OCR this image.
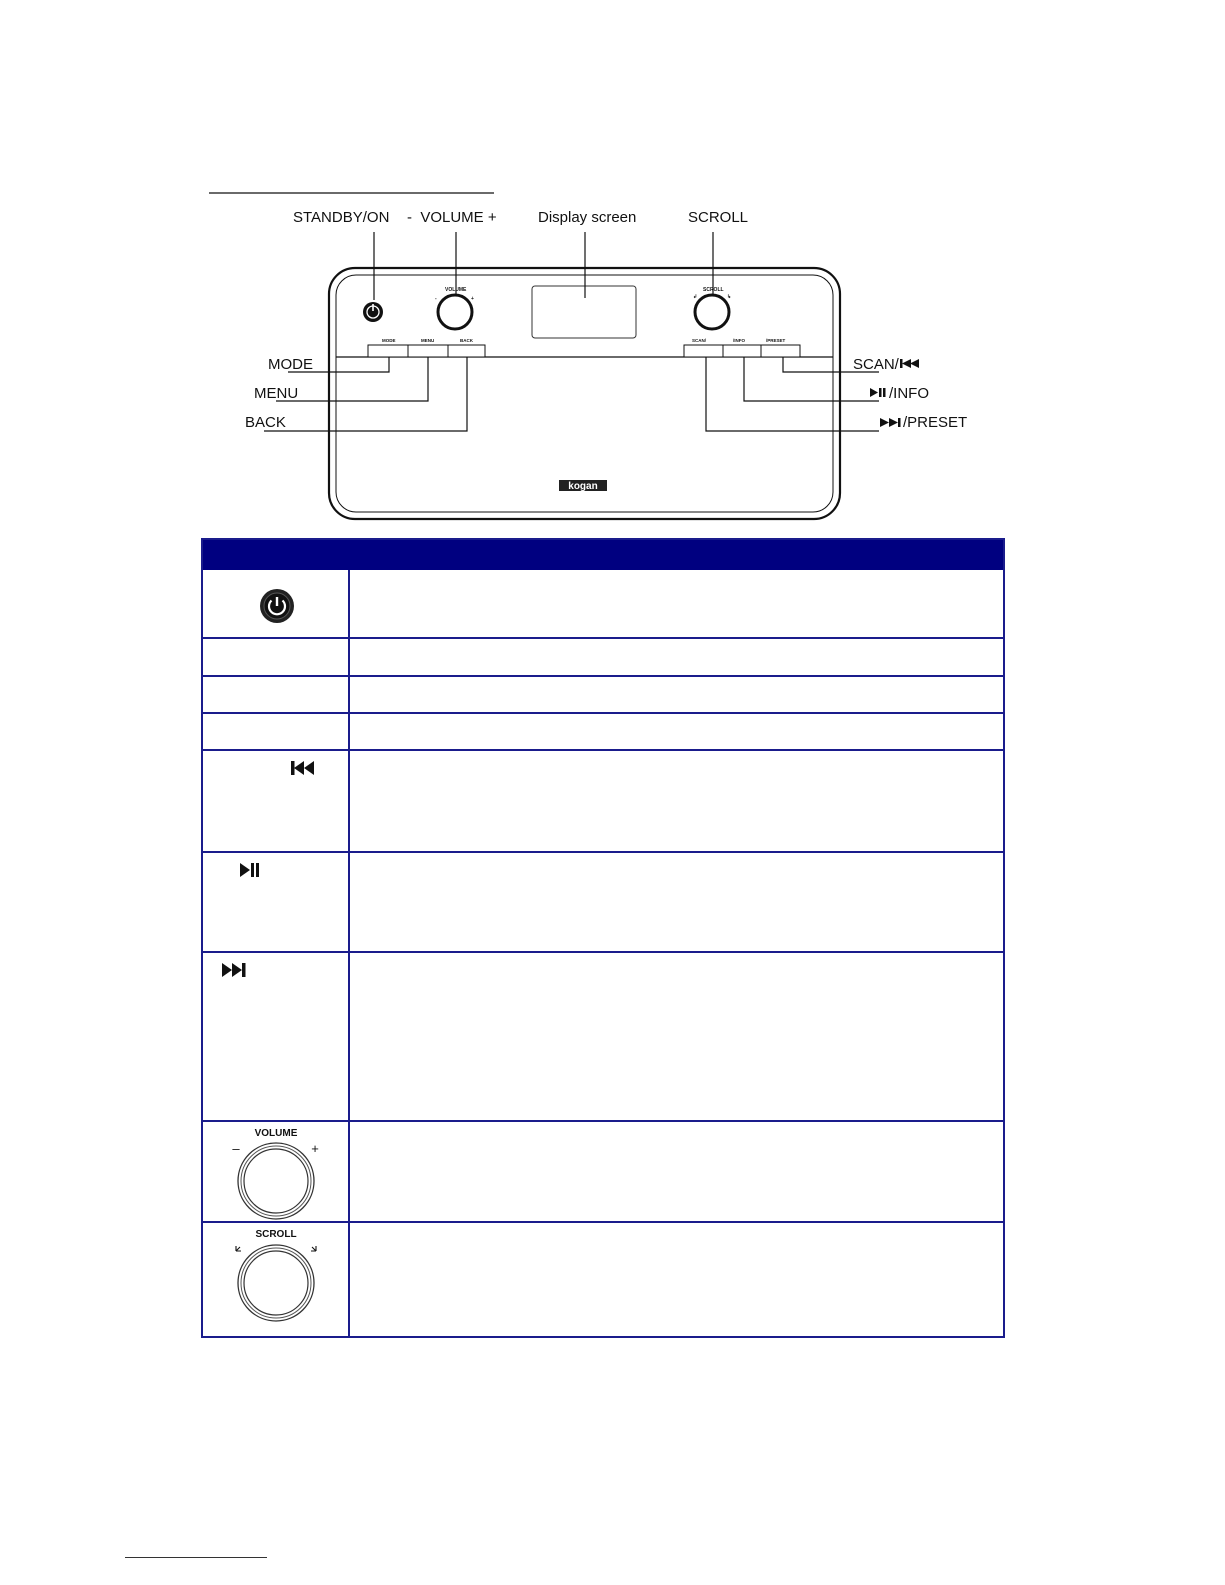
STANDBY/ON -  VOLUME +	Display screen	SCROLL
VOLUME
-	+
SCROLL
↲	↳
MODE	MENU	BACK	SCAN/	/INFO	/PRESET
kogan
MODE
MENU
BACK
SCAN/
/INFO
/PRESET
VOLUME
–	+
SCROLL
